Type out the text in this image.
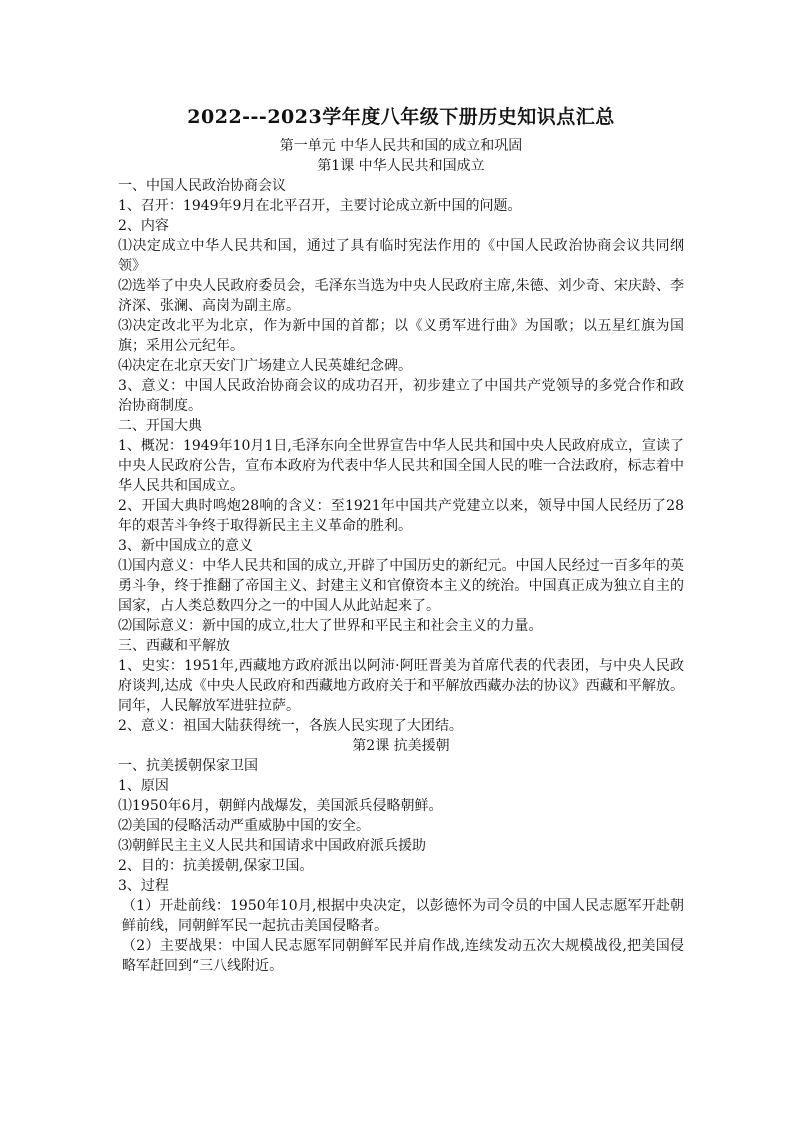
2022---2023学年度八年级下册历史知识点汇总

第一单元 中华人民共和国的成立和巩固

第1课 中华人民共和国成立

一、中国人民政治协商会议

1、召开：1949年9月在北平召开，主要讨论成立新中国的问题。

2、内容

⑴决定成立中华人民共和国，通过了具有临时宪法作用的《中国人民政治协商会议共同纲领》

⑵选举了中央人民政府委员会，毛泽东当选为中央人民政府主席,朱德、刘少奇、宋庆龄、李济深、张澜、高岗为副主席。

⑶决定改北平为北京，作为新中国的首都；以《义勇军进行曲》为国歌；以五星红旗为国旗；采用公元纪年。

⑷决定在北京天安门广场建立人民英雄纪念碑。

3、意义：中国人民政治协商会议的成功召开，初步建立了中国共产党领导的多党合作和政治协商制度。

二、开国大典

1、概况：1949年10月1日,毛泽东向全世界宣告中华人民共和国中央人民政府成立，宣读了中央人民政府公告，宣布本政府为代表中华人民共和国全国人民的唯一合法政府，标志着中华人民共和国成立。

2、开国大典时鸣炮28响的含义：至1921年中国共产党建立以来，领导中国人民经历了28年的艰苦斗争终于取得新民主主义革命的胜利。

3、新中国成立的意义

⑴国内意义：中华人民共和国的成立,开辟了中国历史的新纪元。中国人民经过一百多年的英勇斗争，终于推翻了帝国主义、封建主义和官僚资本主义的统治。中国真正成为独立自主的国家，占人类总数四分之一的中国人从此站起来了。

⑵国际意义：新中国的成立,壮大了世界和平民主和社会主义的力量。

三、西藏和平解放

1、史实：1951年,西藏地方政府派出以阿沛·阿旺晋美为首席代表的代表团，与中央人民政府谈判,达成《中央人民政府和西藏地方政府关于和平解放西藏办法的协议》西藏和平解放。同年，人民解放军进驻拉萨。

2、意义：祖国大陆获得统一，各族人民实现了大团结。

第2课 抗美援朝

一、抗美援朝保家卫国

1、原因

⑴1950年6月，朝鲜内战爆发，美国派兵侵略朝鲜。

⑵美国的侵略活动严重威胁中国的安全。

⑶朝鲜民主主义人民共和国请求中国政府派兵援助

2、目的：抗美援朝,保家卫国。

3、过程

（1）开赴前线：1950年10月,根据中央决定，以彭德怀为司令员的中国人民志愿军开赴朝鲜前线，同朝鲜军民一起抗击美国侵略者。

（2）主要战果：中国人民志愿军同朝鲜军民并肩作战,连续发动五次大规模战役,把美国侵略军赶回到“三八线附近。
